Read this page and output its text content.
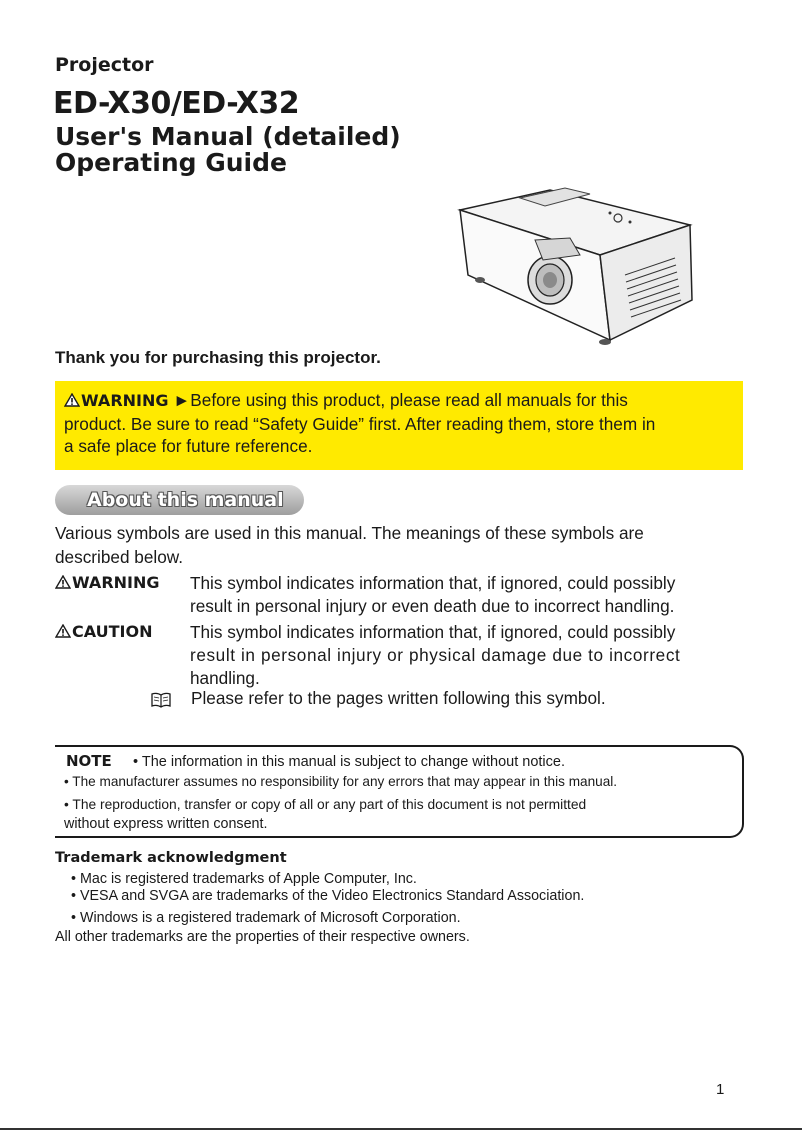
Projector
ED-X30/ED-X32
User's Manual (detailed)
Operating Guide
Thank you for purchasing this projector.
WARNING ►Before using this product, please read all manuals for this
product. Be sure to read “Safety Guide” first. After reading them, store them in
a safe place for future reference.
About this manual
Various symbols are used in this manual. The meanings of these symbols are
described below.
WARNING This symbol indicates information that, if ignored, could possibly
result in personal injury or even death due to incorrect handling.
CAUTION This symbol indicates information that, if ignored, could possibly
result in personal injury or physical damage due to incorrect
handling.
Please refer to the pages written following this symbol.
NOTE • The information in this manual is subject to change without notice.
• The manufacturer assumes no responsibility for any errors that may appear in this manual.
• The reproduction, transfer or copy of all or any part of this document is not permitted
without express written consent.
Trademark acknowledgment
• Mac is registered trademarks of Apple Computer, Inc.
• VESA and SVGA are trademarks of the Video Electronics Standard Association.
• Windows is a registered trademark of Microsoft Corporation.
All other trademarks are the properties of their respective owners.
1
